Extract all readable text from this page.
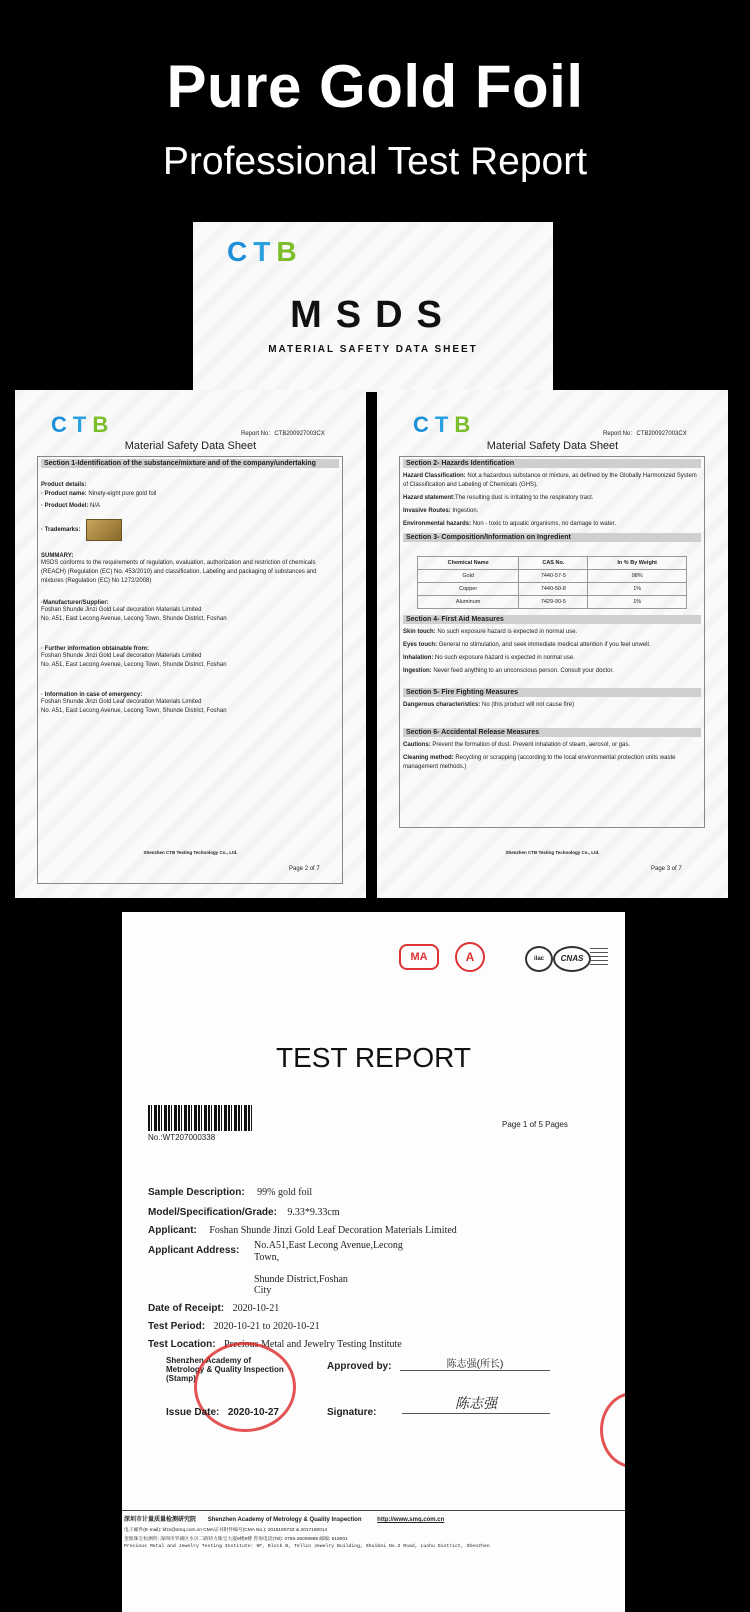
Pure Gold Foil
Professional Test Report
CTB
MSDS
MATERIAL SAFETY DATA SHEET
CTB	Report No：CTB200927003CX
Material Safety Data Sheet
Section 1-Identification of the substance/mixture and of the company/undertaking
Product details:
· Product name: Ninety-eight pure gold foil
· Product Model: N/A
· Trademarks:
SUMMARY:
MSDS conforms to the requirements of regulation, evaluation, authorization and restriction of chemicals (REACH) (Regulation (EC) No. 453/2010) and classification, Labeling and packaging of substances and mixtures (Regulation (EC) No 1272/2008)
·Manufacturer/Supplier:
Foshan Shunde Jinzi Gold Leaf decoration Materials Limited
No. A51, East Lecong Avenue, Lecong Town, Shunde District, Foshan
· Further information obtainable from:
Foshan Shunde Jinzi Gold Leaf decoration Materials Limited
No. A51, East Lecong Avenue, Lecong Town, Shunde District, Foshan
· Information in case of emergency:
Foshan Shunde Jinzi Gold Leaf decoration Materials Limited
No. A51, East Lecong Avenue, Lecong Town, Shunde District, Foshan
Shenzhen CTB Testing Technology Co., Ltd.
Page 2 of 7
CTB	Report No：CTB200927003CX
Material Safety Data Sheet
Section 2- Hazards Identification
Hazard Classification: Not a hazardous substance or mixture, as defined by the Globally Harmonized System of Classification and Labeling of Chemicals (GHS).
Hazard statement:The resulting dust is irritating to the respiratory tract.
Invasive Routes: Ingestion.
Environmental hazards: Non - toxic to aquatic organisms, no damage to water.
Section 3- Composition/Information on Ingredient
Chemical Name	CAS No.	In % By Weight
Gold	7440-57-5	98%
Copper	7440-50-8	1%
Aluminum	7429-90-5	1%
Section 4- First Aid Measures
Skin touch: No such exposure hazard is expected in normal use.
Eyes touch: General no stimulation, and seek immediate medical attention if you feel unwell.
Inhalation: No such exposure hazard is expected in normal use.
Ingestion: Never feed anything to an unconscious person. Consult your doctor.
Section 5- Fire Fighting Measures
Dangerous characteristics: No (this product will not cause fire)
Section 6- Accidental Release Measures
Cautions: Prevent the formation of dust. Prevent inhalation of steam, aerosol, or gas.
Cleaning method: Recycling or scrapping (according to the local environmental protection units waste management methods.)
Shenzhen CTB Testing Technology Co., Ltd.
Page 3 of 7
MA	A	ilac	CNAS
TEST REPORT
No.:WT207000338
Page 1 of 5 Pages
Sample Description: 99% gold foil
Model/Specification/Grade: 9.33*9.33cm
Applicant: Foshan Shunde Jinzi Gold Leaf Decoration Materials Limited
Applicant Address: No.A51,East Lecong Avenue,Lecong
Town,
Shunde District,Foshan
City
Date of Receipt: 2020-10-21
Test Period: 2020-10-21 to 2020-10-21
Test Location: Precious Metal and Jewelry Testing Institute
Shenzhen Academy of
Metrology & Quality Inspection
(Stamp)
Approved by:	陈志强(所长)
Issue Date: 2020-10-27	Signature:
陈志强
深圳市计量质量检测研究院 Shenzhen Academy of Metrology & Quality Inspection	http://www.smq.com.cn
电子邮件(E-mail): kfzx@smq.com.cn CMA证书附件编号(CMA No.): 201519073Z & 2017190014
金银珠宝检测所: 深圳市罗湖区水贝二路特力珠宝大厦9楼9楼 咨询电话(Tel): 0755-25009989 邮编: 518001
Precious Metal and Jewelry Testing Institute: 9F, Block B, Tellin Jewelry Building, Shuibei No.2 Road, Luohu District, Shenzhen
